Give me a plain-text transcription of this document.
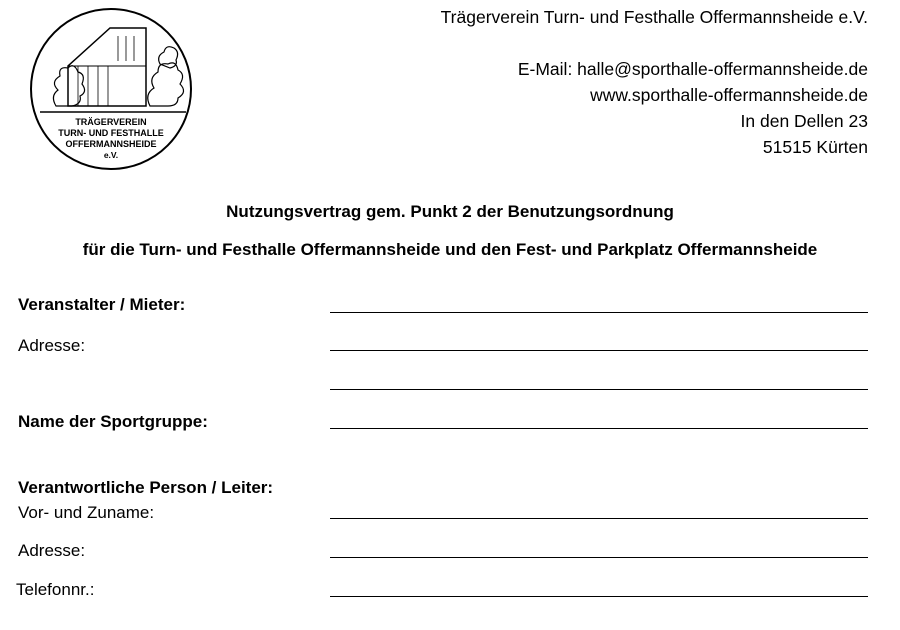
TRÄGERVEREIN
TURN- UND FESTHALLE
OFFERMANNSHEIDE
e.V.
Trägerverein Turn- und Festhalle Offermannsheide e.V.
E-Mail: halle@sporthalle-offermannsheide.de
www.sporthalle-offermannsheide.de
In den Dellen 23
51515 Kürten
Nutzungsvertrag gem. Punkt 2 der Benutzungsordnung
für die Turn- und Festhalle Offermannsheide und den Fest- und Parkplatz Offermannsheide
Veranstalter / Mieter:
Adresse:
Name der Sportgruppe:
Verantwortliche Person / Leiter:
Vor- und Zuname:
Adresse:
Telefonnr.:
